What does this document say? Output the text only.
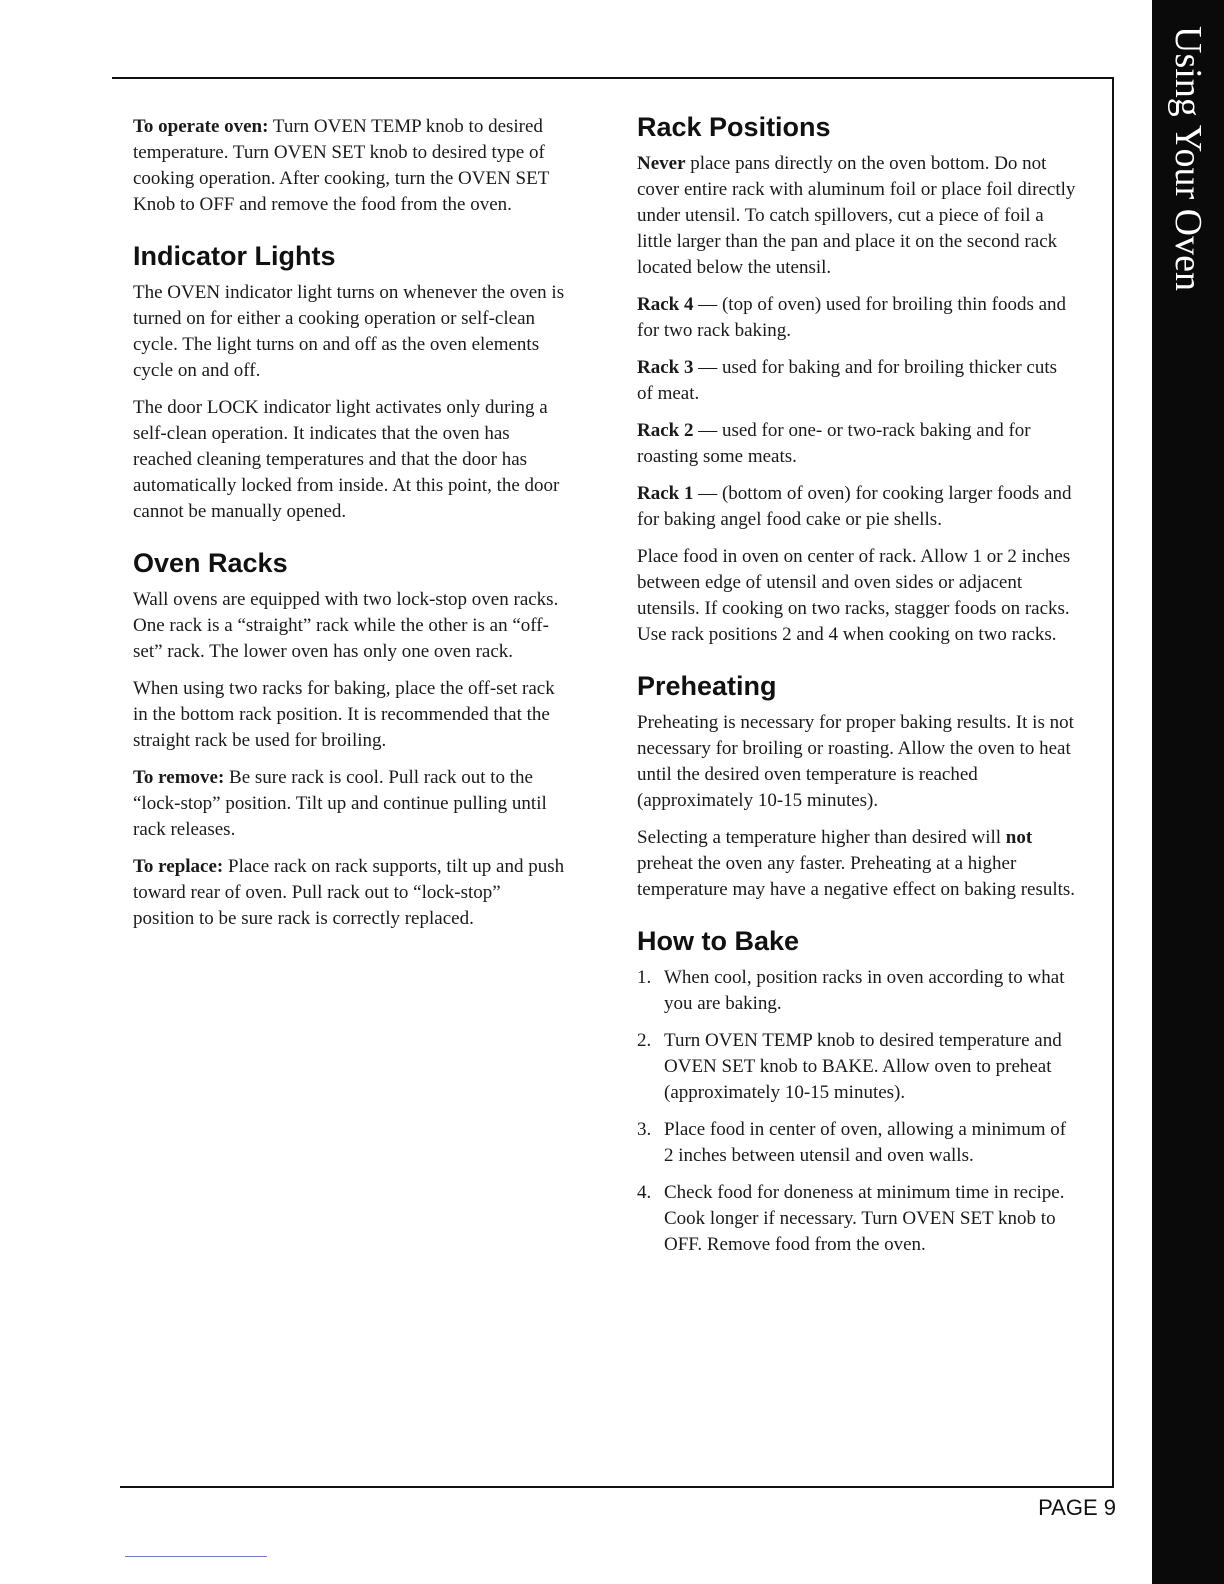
Using Your Oven

To operate oven: Turn OVEN TEMP knob to desired temperature. Turn OVEN SET knob to desired type of cooking operation. After cooking, turn the OVEN SET Knob to OFF and remove the food from the oven.

Indicator Lights

The OVEN indicator light turns on whenever the oven is turned on for either a cooking operation or self-clean cycle. The light turns on and off as the oven elements cycle on and off.

The door LOCK indicator light activates only during a self-clean operation. It indicates that the oven has reached cleaning temperatures and that the door has automatically locked from inside. At this point, the door cannot be manually opened.

Oven Racks

Wall ovens are equipped with two lock-stop oven racks. One rack is a “straight” rack while the other is an “off-set” rack. The lower oven has only one oven rack.

When using two racks for baking, place the off-set rack in the bottom rack position. It is recommended that the straight rack be used for broiling.

To remove: Be sure rack is cool. Pull rack out to the “lock-stop” position. Tilt up and continue pulling until rack releases.

To replace: Place rack on rack supports, tilt up and push toward rear of oven. Pull rack out to “lock-stop” position to be sure rack is correctly replaced.

Rack Positions

Never place pans directly on the oven bottom. Do not cover entire rack with aluminum foil or place foil directly under utensil. To catch spillovers, cut a piece of foil a little larger than the pan and place it on the second rack located below the utensil.

Rack 4 — (top of oven) used for broiling thin foods and for two rack baking.

Rack 3 — used for baking and for broiling thicker cuts of meat.

Rack 2 — used for one- or two-rack baking and for roasting some meats.

Rack 1 — (bottom of oven) for cooking larger foods and for baking angel food cake or pie shells.

Place food in oven on center of rack. Allow 1 or 2 inches between edge of utensil and oven sides or adjacent utensils. If cooking on two racks, stagger foods on racks. Use rack positions 2 and 4 when cooking on two racks.

Preheating

Preheating is necessary for proper baking results. It is not necessary for broiling or roasting. Allow the oven to heat until the desired oven temperature is reached (approximately 10-15 minutes).

Selecting a temperature higher than desired will not preheat the oven any faster. Preheating at a higher temperature may have a negative effect on baking results.

How to Bake
1. When cool, position racks in oven according to what you are baking.
2. Turn OVEN TEMP knob to desired temperature and OVEN SET knob to BAKE. Allow oven to preheat (approximately 10-15 minutes).
3. Place food in center of oven, allowing a minimum of 2 inches between utensil and oven walls.
4. Check food for doneness at minimum time in recipe. Cook longer if necessary. Turn OVEN SET knob to OFF. Remove food from the oven.
PAGE 9
